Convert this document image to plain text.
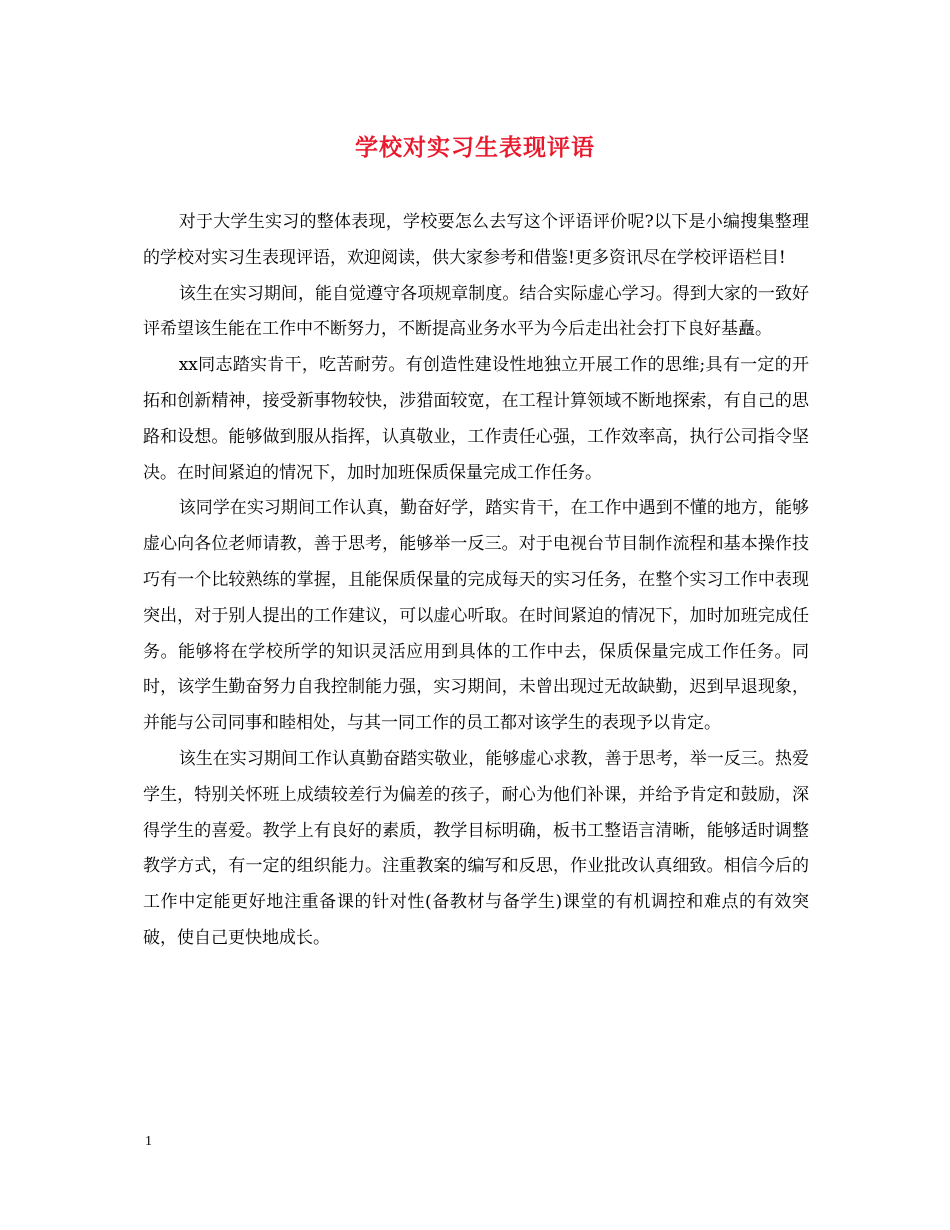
学校对实习生表现评语

对于大学生实习的整体表现，学校要怎么去写这个评语评价呢?以下是小编搜集整理的学校对实习生表现评语，欢迎阅读，供大家参考和借鉴!更多资讯尽在学校评语栏目!

该生在实习期间，能自觉遵守各项规章制度。结合实际虚心学习。得到大家的一致好评希望该生能在工作中不断努力，不断提高业务水平为今后走出社会打下良好基矗。

xx同志踏实肯干，吃苦耐劳。有创造性建设性地独立开展工作的思维;具有一定的开拓和创新精神，接受新事物较快，涉猎面较宽，在工程计算领域不断地探索，有自己的思路和设想。能够做到服从指挥，认真敬业，工作责任心强，工作效率高，执行公司指令坚决。在时间紧迫的情况下，加时加班保质保量完成工作任务。

该同学在实习期间工作认真，勤奋好学，踏实肯干，在工作中遇到不懂的地方，能够虚心向各位老师请教，善于思考，能够举一反三。对于电视台节目制作流程和基本操作技巧有一个比较熟练的掌握，且能保质保量的完成每天的实习任务，在整个实习工作中表现突出，对于别人提出的工作建议，可以虚心听取。在时间紧迫的情况下，加时加班完成任务。能够将在学校所学的知识灵活应用到具体的工作中去，保质保量完成工作任务。同时，该学生勤奋努力自我控制能力强，实习期间，未曾出现过无故缺勤，迟到早退现象，并能与公司同事和睦相处，与其一同工作的员工都对该学生的表现予以肯定。

该生在实习期间工作认真勤奋踏实敬业，能够虚心求教，善于思考，举一反三。热爱学生，特别关怀班上成绩较差行为偏差的孩子，耐心为他们补课，并给予肯定和鼓励，深得学生的喜爱。教学上有良好的素质，教学目标明确，板书工整语言清晰，能够适时调整教学方式，有一定的组织能力。注重教案的编写和反思，作业批改认真细致。相信今后的工作中定能更好地注重备课的针对性(备教材与备学生)课堂的有机调控和难点的有效突破，使自己更快地成长。

1
